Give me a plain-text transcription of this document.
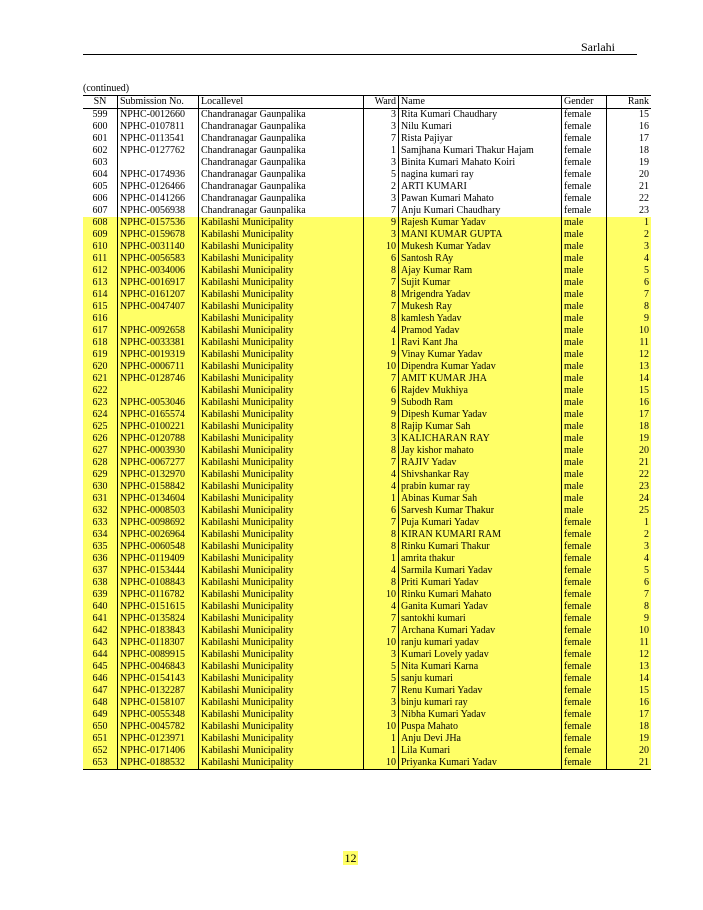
Sarlahi
(continued)
SN	Submission No.	Locallevel	Ward	Name	Gender	Rank
599	NPHC-0012660	Chandranagar Gaunpalika	3	Rita Kumari Chaudhary	female	15
600	NPHC-0107811	Chandranagar Gaunpalika	3	Nilu Kumari	female	16
601	NPHC-0113541	Chandranagar Gaunpalika	7	Rista Pajiyar	female	17
602	NPHC-0127762	Chandranagar Gaunpalika	1	Samjhana Kumari Thakur Hajam	female	18
603		Chandranagar Gaunpalika	3	Binita Kumari Mahato Koiri	female	19
604	NPHC-0174936	Chandranagar Gaunpalika	5	nagina kumari ray	female	20
605	NPHC-0126466	Chandranagar Gaunpalika	2	ARTI KUMARI	female	21
606	NPHC-0141266	Chandranagar Gaunpalika	3	Pawan Kumari Mahato	female	22
607	NPHC-0056938	Chandranagar Gaunpalika	7	Anju Kumari Chaudhary	female	23
608	NPHC-0157536	Kabilashi Municipality	9	Rajesh Kumar Yadav	male	1
609	NPHC-0159678	Kabilashi Municipality	3	MANI KUMAR GUPTA	male	2
610	NPHC-0031140	Kabilashi Municipality	10	Mukesh Kumar Yadav	male	3
611	NPHC-0056583	Kabilashi Municipality	6	Santosh RAy	male	4
612	NPHC-0034006	Kabilashi Municipality	8	Ajay Kumar Ram	male	5
613	NPHC-0016917	Kabilashi Municipality	7	Sujit Kumar	male	6
614	NPHC-0161207	Kabilashi Municipality	8	Mrigendra Yadav	male	7
615	NPHC-0047407	Kabilashi Municipality	7	Mukesh Ray	male	8
616		Kabilashi Municipality	8	kamlesh Yadav	male	9
617	NPHC-0092658	Kabilashi Municipality	4	Pramod Yadav	male	10
618	NPHC-0033381	Kabilashi Municipality	1	Ravi Kant Jha	male	11
619	NPHC-0019319	Kabilashi Municipality	9	Vinay Kumar Yadav	male	12
620	NPHC-0006711	Kabilashi Municipality	10	Dipendra Kumar Yadav	male	13
621	NPHC-0128746	Kabilashi Municipality	7	AMIT KUMAR JHA	male	14
622		Kabilashi Municipality	6	Rajdev Mukhiya	male	15
623	NPHC-0053046	Kabilashi Municipality	9	Subodh Ram	male	16
624	NPHC-0165574	Kabilashi Municipality	9	Dipesh Kumar Yadav	male	17
625	NPHC-0100221	Kabilashi Municipality	8	Rajip Kumar Sah	male	18
626	NPHC-0120788	Kabilashi Municipality	3	KALICHARAN RAY	male	19
627	NPHC-0003930	Kabilashi Municipality	8	Jay kishor mahato	male	20
628	NPHC-0067277	Kabilashi Municipality	7	RAJIV Yadav	male	21
629	NPHC-0132970	Kabilashi Municipality	4	Shivshankar Ray	male	22
630	NPHC-0158842	Kabilashi Municipality	4	prabin kumar ray	male	23
631	NPHC-0134604	Kabilashi Municipality	1	Abinas Kumar Sah	male	24
632	NPHC-0008503	Kabilashi Municipality	6	Sarvesh Kumar Thakur	male	25
633	NPHC-0098692	Kabilashi Municipality	7	Puja Kumari Yadav	female	1
634	NPHC-0026964	Kabilashi Municipality	8	KIRAN KUMARI RAM	female	2
635	NPHC-0060548	Kabilashi Municipality	8	Rinku Kumari Thakur	female	3
636	NPHC-0119409	Kabilashi Municipality	1	amrita thakur	female	4
637	NPHC-0153444	Kabilashi Municipality	4	Sarmila Kumari Yadav	female	5
638	NPHC-0108843	Kabilashi Municipality	8	Priti Kumari Yadav	female	6
639	NPHC-0116782	Kabilashi Municipality	10	Rinku Kumari Mahato	female	7
640	NPHC-0151615	Kabilashi Municipality	4	Ganita Kumari Yadav	female	8
641	NPHC-0135824	Kabilashi Municipality	7	santokhi kumari	female	9
642	NPHC-0183843	Kabilashi Municipality	7	Archana Kumari Yadav	female	10
643	NPHC-0118307	Kabilashi Municipality	10	ranju kumari yadav	female	11
644	NPHC-0089915	Kabilashi Municipality	3	Kumari Lovely yadav	female	12
645	NPHC-0046843	Kabilashi Municipality	5	Nita Kumari Karna	female	13
646	NPHC-0154143	Kabilashi Municipality	5	sanju kumari	female	14
647	NPHC-0132287	Kabilashi Municipality	7	Renu Kumari Yadav	female	15
648	NPHC-0158107	Kabilashi Municipality	3	binju kumari ray	female	16
649	NPHC-0055348	Kabilashi Municipality	3	Nibha Kumari Yadav	female	17
650	NPHC-0045782	Kabilashi Municipality	10	Puspa Mahato	female	18
651	NPHC-0123971	Kabilashi Municipality	1	Anju Devi JHa	female	19
652	NPHC-0171406	Kabilashi Municipality	1	Lila Kumari	female	20
653	NPHC-0188532	Kabilashi Municipality	10	Priyanka Kumari Yadav	female	21
12
